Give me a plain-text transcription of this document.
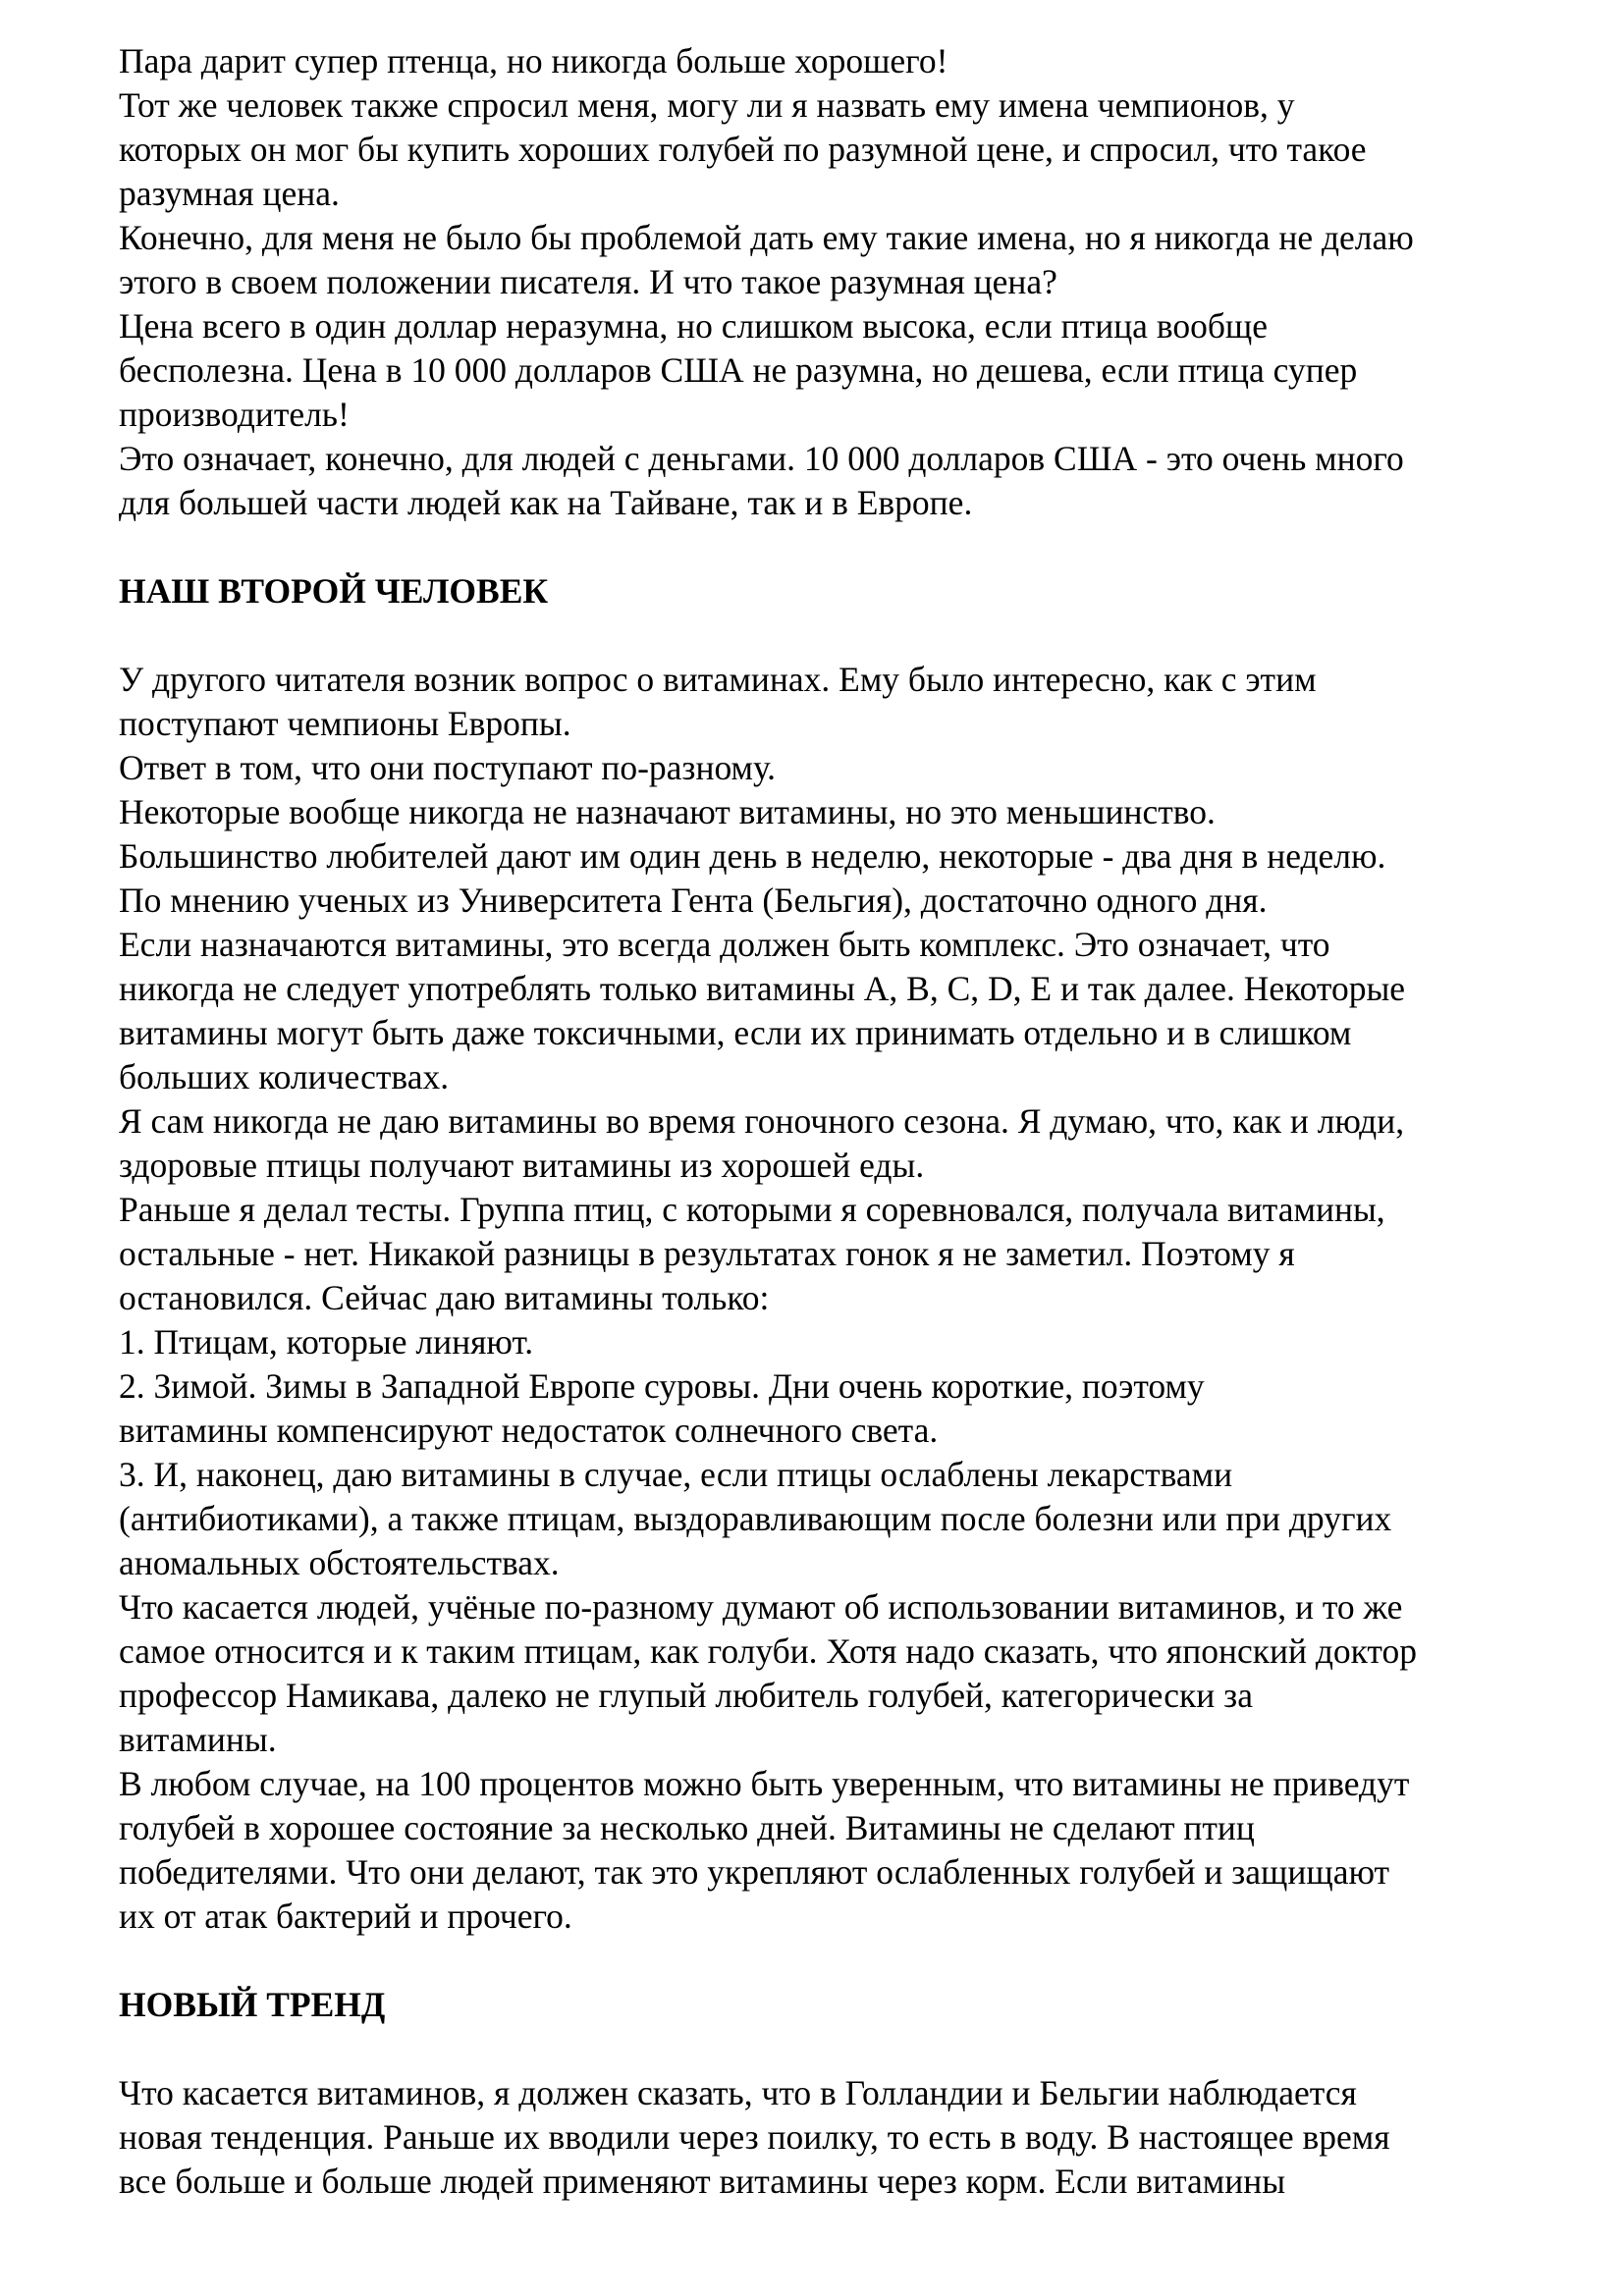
Пара дарит супер птенца, но никогда больше хорошего!
Тот же человек также спросил меня, могу ли я назвать ему имена чемпионов, у
которых он мог бы купить хороших голубей по разумной цене, и спросил, что такое
разумная цена.
Конечно, для меня не было бы проблемой дать ему такие имена, но я никогда не делаю
этого в своем положении писателя. И что такое разумная цена?
Цена всего в один доллар неразумна, но слишком высока, если птица вообще
бесполезна. Цена в 10 000 долларов США не разумна, но дешева, если птица супер
производитель!
Это означает, конечно, для людей с деньгами. 10 000 долларов США - это очень много
для большей части людей как на Тайване, так и в Европе.
НАШ ВТОРОЙ ЧЕЛОВЕК
У другого читателя возник вопрос о витаминах. Ему было интересно, как с этим
поступают чемпионы Европы.
Ответ в том, что они поступают по-разному.
Некоторые вообще никогда не назначают витамины, но это меньшинство.
Большинство любителей дают им один день в неделю, некоторые - два дня в неделю.
По мнению ученых из Университета Гента (Бельгия), достаточно одного дня.
Если назначаются витамины, это всегда должен быть комплекс. Это означает, что
никогда не следует употреблять только витамины A, B, C, D, E и так далее. Некоторые
витамины могут быть даже токсичными, если их принимать отдельно и в слишком
больших количествах.
Я сам никогда не даю витамины во время гоночного сезона. Я думаю, что, как и люди,
здоровые птицы получают витамины из хорошей еды.
Раньше я делал тесты. Группа птиц, с которыми я соревновался, получала витамины,
остальные - нет. Никакой разницы в результатах гонок я не заметил. Поэтому я
остановился. Сейчас даю витамины только:
1. Птицам, которые линяют.
2. Зимой. Зимы в Западной Европе суровы. Дни очень короткие, поэтому
витамины компенсируют недостаток солнечного света.
3. И, наконец, даю витамины в случае, если птицы ослаблены лекарствами
(антибиотиками), а также птицам, выздоравливающим после болезни или при других
аномальных обстоятельствах.
Что касается людей, учёные по-разному думают об использовании витаминов, и то же
самое относится и к таким птицам, как голуби. Хотя надо сказать, что японский доктор
профессор Намикава, далеко не глупый любитель голубей, категорически за
витамины.
В любом случае, на 100 процентов можно быть уверенным, что витамины не приведут
голубей в хорошее состояние за несколько дней. Витамины не сделают птиц
победителями. Что они делают, так это укрепляют ослабленных голубей и защищают
их от атак бактерий и прочего.
НОВЫЙ ТРЕНД
Что касается витаминов, я должен сказать, что в Голландии и Бельгии наблюдается
новая тенденция. Раньше их вводили через поилку, то есть в воду. В настоящее время
все больше и больше людей применяют витамины через корм. Если витамины
